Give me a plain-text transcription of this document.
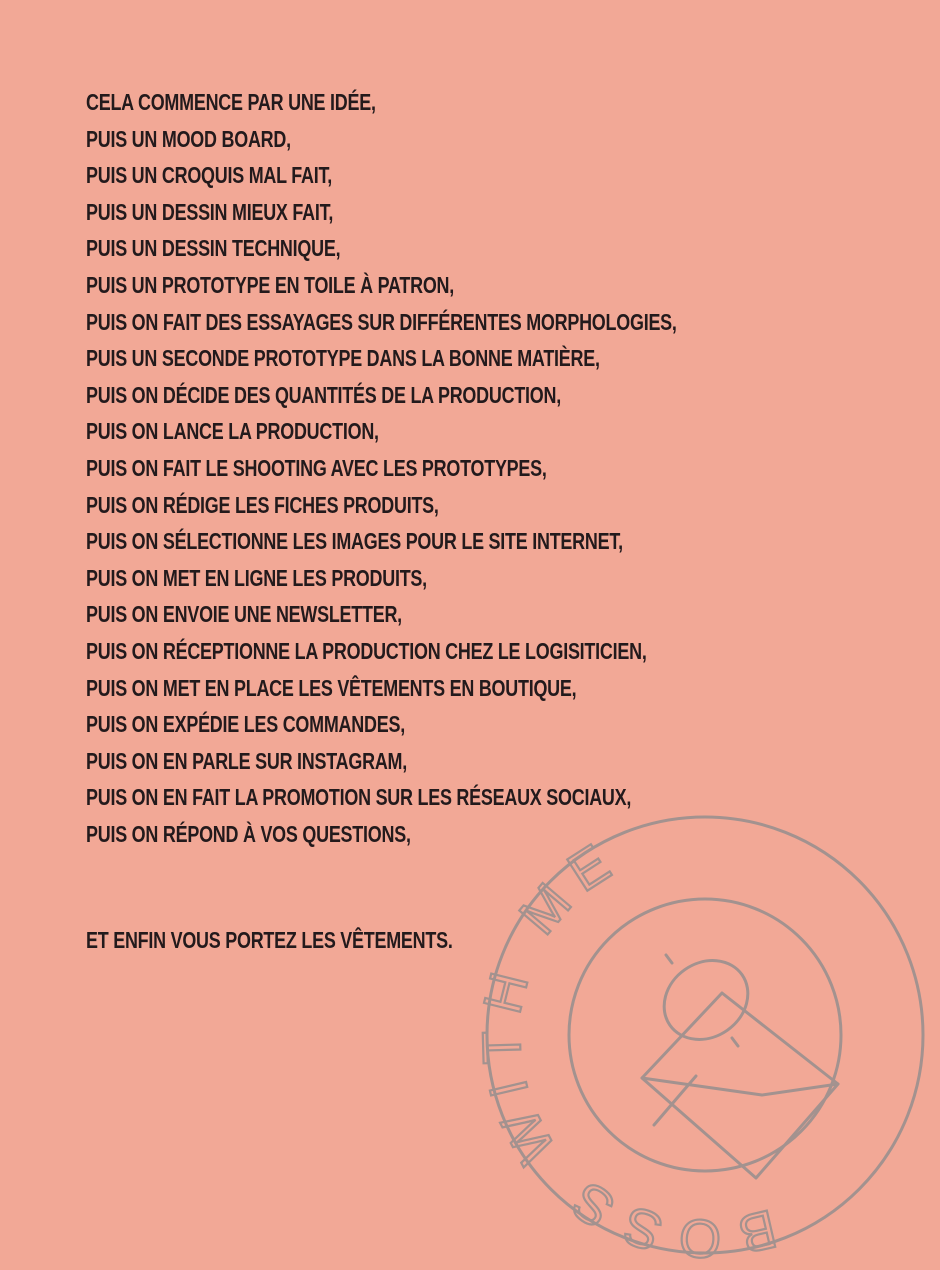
CELA COMMENCE PAR UNE IDÉE,
PUIS UN MOOD BOARD,
PUIS UN CROQUIS MAL FAIT,
PUIS UN DESSIN MIEUX FAIT,
PUIS UN DESSIN TECHNIQUE,
PUIS UN PROTOTYPE EN TOILE À PATRON,
PUIS ON FAIT DES ESSAYAGES SUR DIFFÉRENTES MORPHOLOGIES,
PUIS UN SECONDE PROTOTYPE DANS LA BONNE MATIÈRE,
PUIS ON DÉCIDE DES QUANTITÉS DE LA PRODUCTION,
PUIS ON LANCE LA PRODUCTION,
PUIS ON FAIT LE SHOOTING AVEC LES PROTOTYPES,
PUIS ON RÉDIGE LES FICHES PRODUITS,
PUIS ON SÉLECTIONNE LES IMAGES POUR LE SITE INTERNET,
PUIS ON MET EN LIGNE LES PRODUITS,
PUIS ON ENVOIE UNE NEWSLETTER,
PUIS ON RÉCEPTIONNE LA PRODUCTION CHEZ LE LOGISITICIEN,
PUIS ON MET EN PLACE LES VÊTEMENTS EN BOUTIQUE,
PUIS ON EXPÉDIE LES COMMANDES,
PUIS ON EN PARLE SUR INSTAGRAM,
PUIS ON EN FAIT LA PROMOTION SUR LES RÉSEAUX SOCIAUX,
PUIS ON RÉPOND À VOS QUESTIONS,
ET ENFIN VOUS PORTEZ LES VÊTEMENTS.
BOSS WITH ME
